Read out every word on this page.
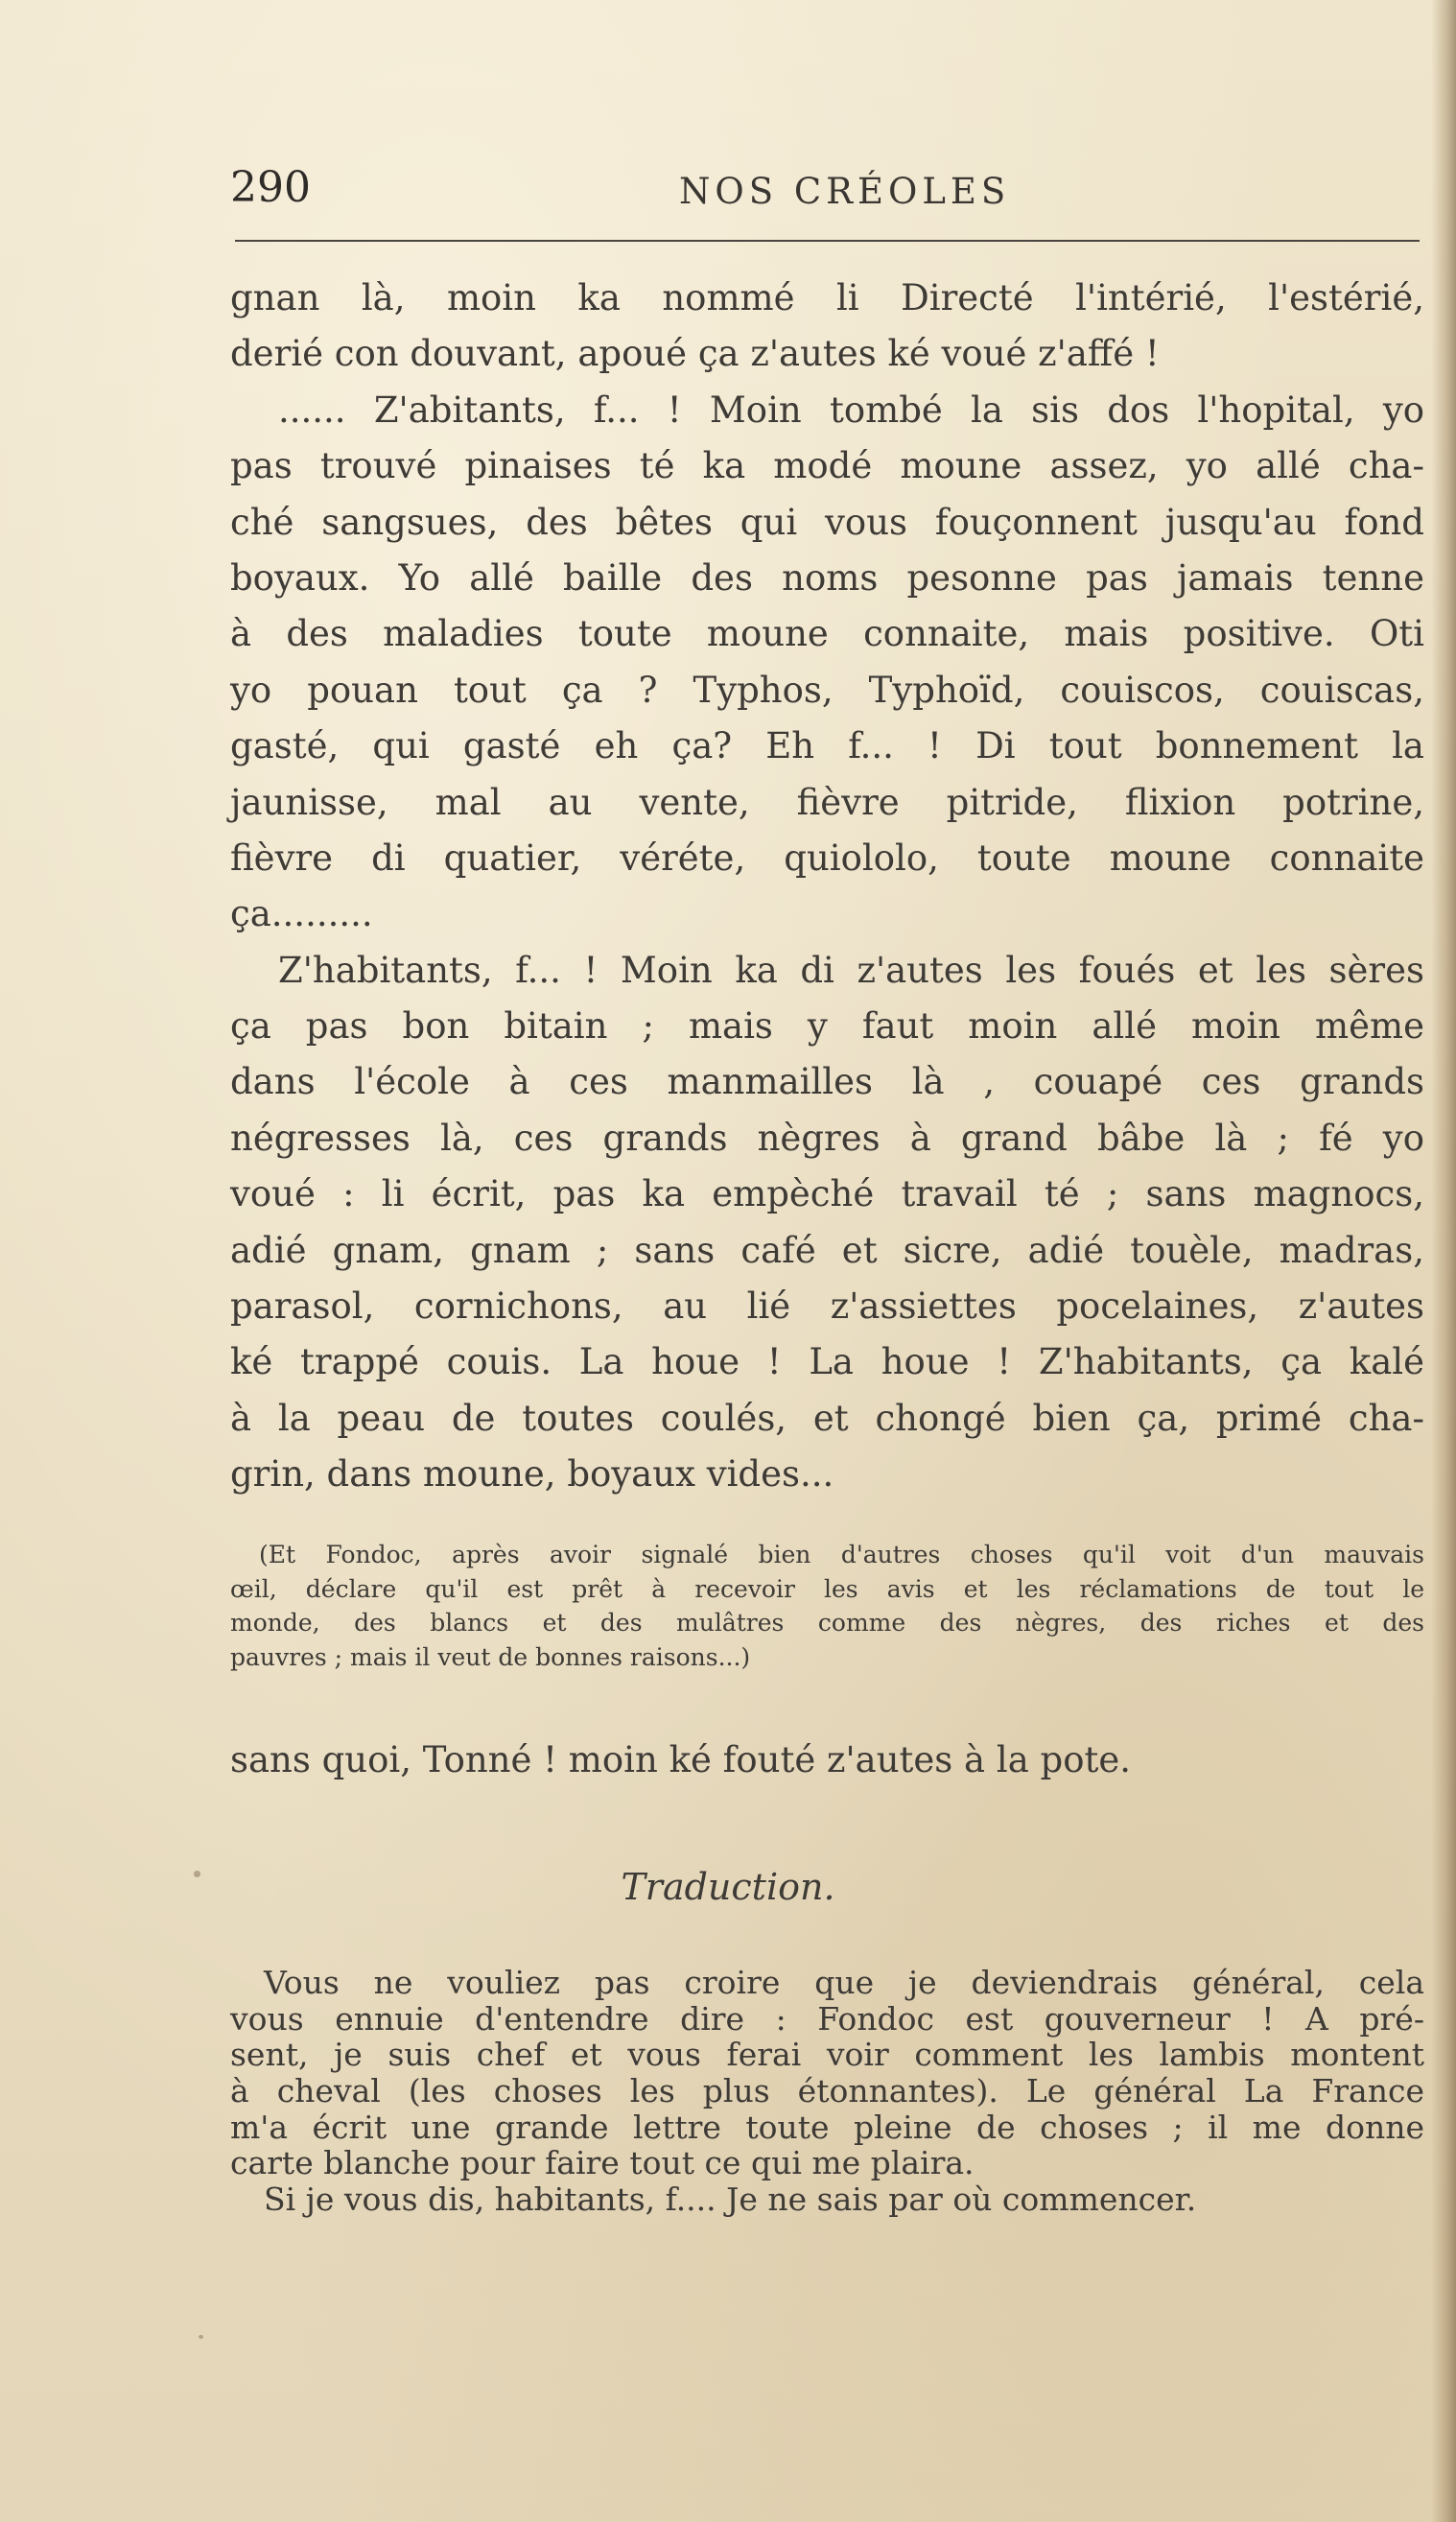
290	NOS CRÉOLES
gnan là, moin ka nommé li Directé l'intérié, l'estérié,
derié con douvant, apoué ça z'autes ké voué z'affé !
...... Z'abitants, f... ! Moin tombé la sis dos l'hopital, yo
pas trouvé pinaises té ka modé moune assez, yo allé cha-
ché sangsues, des bêtes qui vous fouçonnent jusqu'au fond
boyaux. Yo allé baille des noms pesonne pas jamais tenne
à des maladies toute moune connaite, mais positive. Oti
yo pouan tout ça ? Typhos, Typhoïd, couiscos, couiscas,
gasté, qui gasté eh ça? Eh f... ! Di tout bonnement la
jaunisse, mal au vente, fièvre pitride, flixion potrine,
fièvre di quatier, véréte, quiololo, toute moune connaite
ça.........
Z'habitants, f... ! Moin ka di z'autes les foués et les sères
ça pas bon bitain ; mais y faut moin allé moin même
dans l'école à ces manmailles là , couapé ces grands
négresses là, ces grands nègres à grand bâbe là ; fé yo
voué : li écrit, pas ka empèché travail té ; sans magnocs,
adié gnam, gnam ; sans café et sicre, adié touèle, madras,
parasol, cornichons, au lié z'assiettes pocelaines, z'autes
ké trappé couis. La houe ! La houe ! Z'habitants, ça kalé
à la peau de toutes coulés, et chongé bien ça, primé cha-
grin, dans moune, boyaux vides...
(Et Fondoc, après avoir signalé bien d'autres choses qu'il voit d'un mauvais
œil, déclare qu'il est prêt à recevoir les avis et les réclamations de tout le
monde, des blancs et des mulâtres comme des nègres, des riches et des
pauvres ; mais il veut de bonnes raisons...)
sans quoi, Tonné ! moin ké fouté z'autes à la pote.
Traduction.
Vous ne vouliez pas croire que je deviendrais général, cela
vous ennuie d'entendre dire : Fondoc est gouverneur ! A pré-
sent, je suis chef et vous ferai voir comment les lambis montent
à cheval (les choses les plus étonnantes). Le général La France
m'a écrit une grande lettre toute pleine de choses ; il me donne
carte blanche pour faire tout ce qui me plaira.
Si je vous dis, habitants, f.... Je ne sais par où commencer.
